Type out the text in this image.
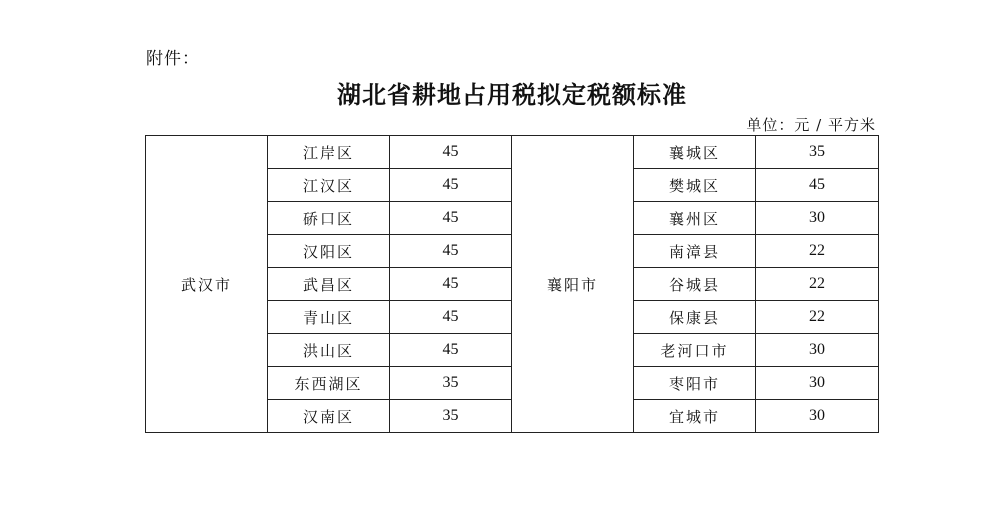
附件：
湖北省耕地占用税拟定税额标准
单位：元 / 平方米
武汉市	江岸区	45	襄阳市	襄城区	35
	江汉区	45		樊城区	45
	硚口区	45		襄州区	30
	汉阳区	45		南漳县	22
	武昌区	45		谷城县	22
	青山区	45		保康县	22
	洪山区	45		老河口市	30
	东西湖区	35		枣阳市	30
	汉南区	35		宜城市	30
